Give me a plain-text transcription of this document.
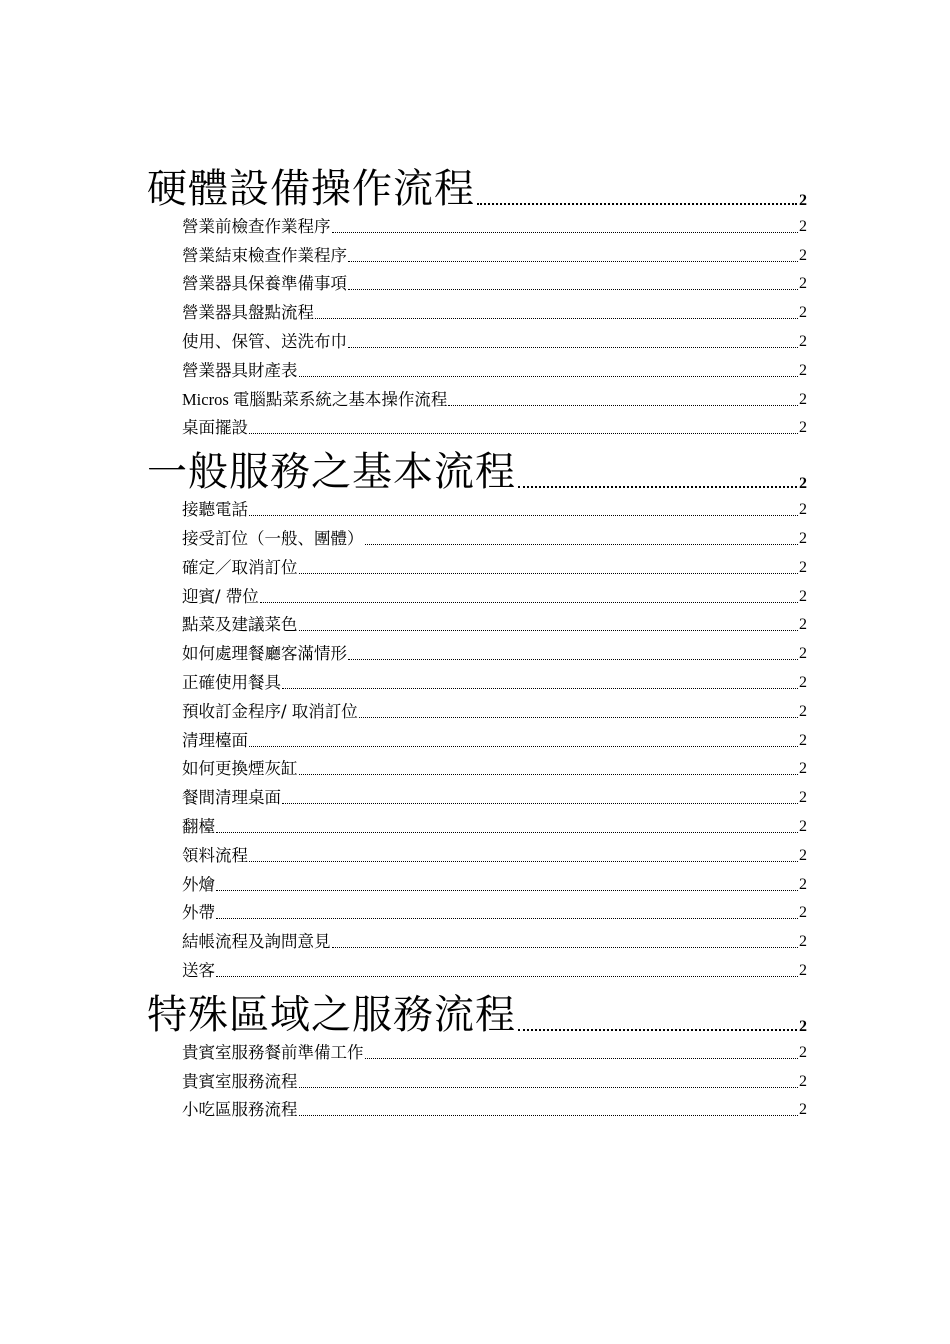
硬體設備操作流程	2
營業前檢查作業程序	2
營業結束檢查作業程序	2
營業器具保養準備事項	2
營業器具盤點流程	2
使用、保管、送洗布巾	2
營業器具財產表	2
Micros 電腦點菜系統之基本操作流程	2
桌面擺設	2
一般服務之基本流程	2
接聽電話	2
接受訂位（一般、團體）	2
確定／取消訂位	2
迎賓/ 帶位	2
點菜及建議菜色	2
如何處理餐廳客滿情形	2
正確使用餐具	2
預收訂金程序/ 取消訂位	2
清理檯面	2
如何更換煙灰缸	2
餐間清理桌面	2
翻檯	2
領料流程	2
外燴	2
外帶	2
結帳流程及詢問意見	2
送客	2
特殊區域之服務流程	2
貴賓室服務餐前準備工作	2
貴賓室服務流程	2
小吃區服務流程	2
